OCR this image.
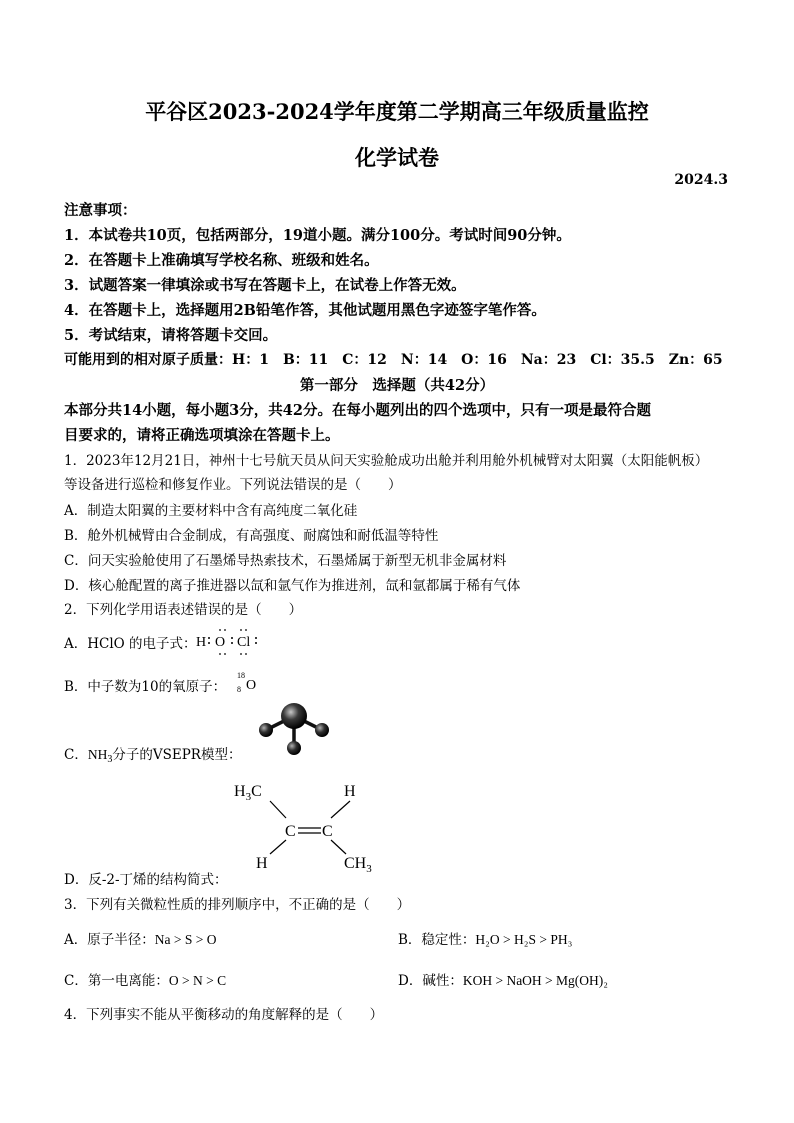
平谷区2023-2024学年度第二学期高三年级质量监控
化学试卷
2024.3
注意事项：
1．本试卷共10页，包括两部分，19道小题。满分100分。考试时间90分钟。
2．在答题卡上准确填写学校名称、班级和姓名。
3．试题答案一律填涂或书写在答题卡上，在试卷上作答无效。
4．在答题卡上，选择题用2B铅笔作答，其他试题用黑色字迹签字笔作答。
5．考试结束，请将答题卡交回。
可能用到的相对原子质量：H：1　B：11　C：12　N：14　O：16　Na：23　Cl：35.5　Zn：65
第一部分　选择题（共42分）
本部分共14小题，每小题3分，共42分。在每小题列出的四个选项中，只有一项是最符合题
目要求的，请将正确选项填涂在答题卡上。
1．2023年12月21日，神州十七号航天员从问天实验舱成功出舱并利用舱外机械臂对太阳翼（太阳能帆板）
等设备进行巡检和修复作业。下列说法错误的是（　　）
A．制造太阳翼的主要材料中含有高纯度二氧化硅
B．舱外机械臂由合金制成，有高强度、耐腐蚀和耐低温等特性
C．问天实验舱使用了石墨烯导热索技术，石墨烯属于新型无机非金属材料
D．核心舱配置的离子推进器以氙和氩气作为推进剂，氙和氩都属于稀有气体
2．下列化学用语表述错误的是（　　）
A．HClO 的电子式： H O Cl
B．中子数为10的氧原子：
18
8 O
C．$NH_3$分子的VSEPR模型：
$H_3C$	H
C C
H	$CH_3$
D．反-2-丁烯的结构简式：
3．下列有关微粒性质的排列顺序中，不正确的是（　　）
A．原子半径：Na > S > O	B．稳定性：H₂O > H₂S > PH₃
C．第一电离能：O > N > C	D．碱性：KOH > NaOH > Mg(OH)₂
4．下列事实不能从平衡移动的角度解释的是（　　）
